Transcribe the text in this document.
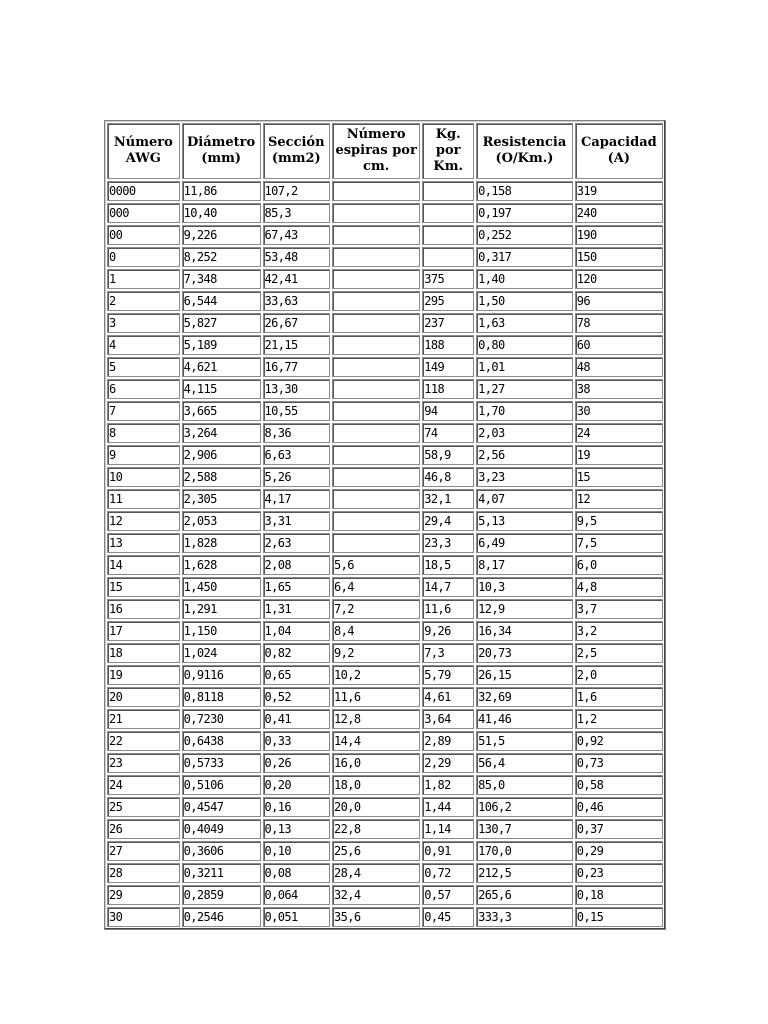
Número AWG	Diámetro (mm)	Sección (mm2)	Número espiras por cm.	Kg. por Km.	Resistencia (O/Km.)	Capacidad (A)
0000	11,86	107,2			0,158	319
000	10,40	85,3			0,197	240
00	9,226	67,43			0,252	190
0	8,252	53,48			0,317	150
1	7,348	42,41		375	1,40	120
2	6,544	33,63		295	1,50	96
3	5,827	26,67		237	1,63	78
4	5,189	21,15		188	0,80	60
5	4,621	16,77		149	1,01	48
6	4,115	13,30		118	1,27	38
7	3,665	10,55		94	1,70	30
8	3,264	8,36		74	2,03	24
9	2,906	6,63		58,9	2,56	19
10	2,588	5,26		46,8	3,23	15
11	2,305	4,17		32,1	4,07	12
12	2,053	3,31		29,4	5,13	9,5
13	1,828	2,63		23,3	6,49	7,5
14	1,628	2,08	5,6	18,5	8,17	6,0
15	1,450	1,65	6,4	14,7	10,3	4,8
16	1,291	1,31	7,2	11,6	12,9	3,7
17	1,150	1,04	8,4	9,26	16,34	3,2
18	1,024	0,82	9,2	7,3	20,73	2,5
19	0,9116	0,65	10,2	5,79	26,15	2,0
20	0,8118	0,52	11,6	4,61	32,69	1,6
21	0,7230	0,41	12,8	3,64	41,46	1,2
22	0,6438	0,33	14,4	2,89	51,5	0,92
23	0,5733	0,26	16,0	2,29	56,4	0,73
24	0,5106	0,20	18,0	1,82	85,0	0,58
25	0,4547	0,16	20,0	1,44	106,2	0,46
26	0,4049	0,13	22,8	1,14	130,7	0,37
27	0,3606	0,10	25,6	0,91	170,0	0,29
28	0,3211	0,08	28,4	0,72	212,5	0,23
29	0,2859	0,064	32,4	0,57	265,6	0,18
30	0,2546	0,051	35,6	0,45	333,3	0,15
